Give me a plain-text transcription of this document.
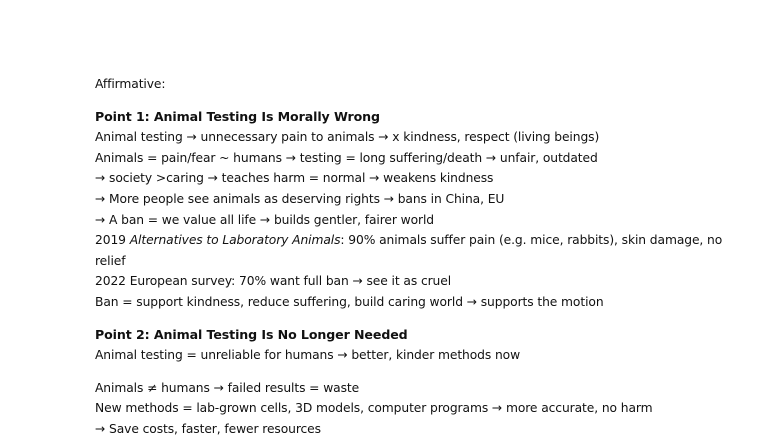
Affirmative:
Point 1: Animal Testing Is Morally Wrong
Animal testing → unnecessary pain to animals → x kindness, respect (living beings)
Animals = pain/fear ~ humans → testing = long suffering/death → unfair, outdated
→ society >caring → teaches harm = normal → weakens kindness
→ More people see animals as deserving rights → bans in China, EU
→ A ban = we value all life → builds gentler, fairer world
2019 Alternatives to Laboratory Animals: 90% animals suffer pain (e.g. mice, rabbits), skin damage, no relief
2022 European survey: 70% want full ban → see it as cruel
Ban = support kindness, reduce suffering, build caring world → supports the motion
Point 2: Animal Testing Is No Longer Needed
Animal testing = unreliable for humans → better, kinder methods now
Animals ≠ humans → failed results = waste
New methods = lab-grown cells, 3D models, computer programs → more accurate, no harm
→ Save costs, faster, fewer resources
